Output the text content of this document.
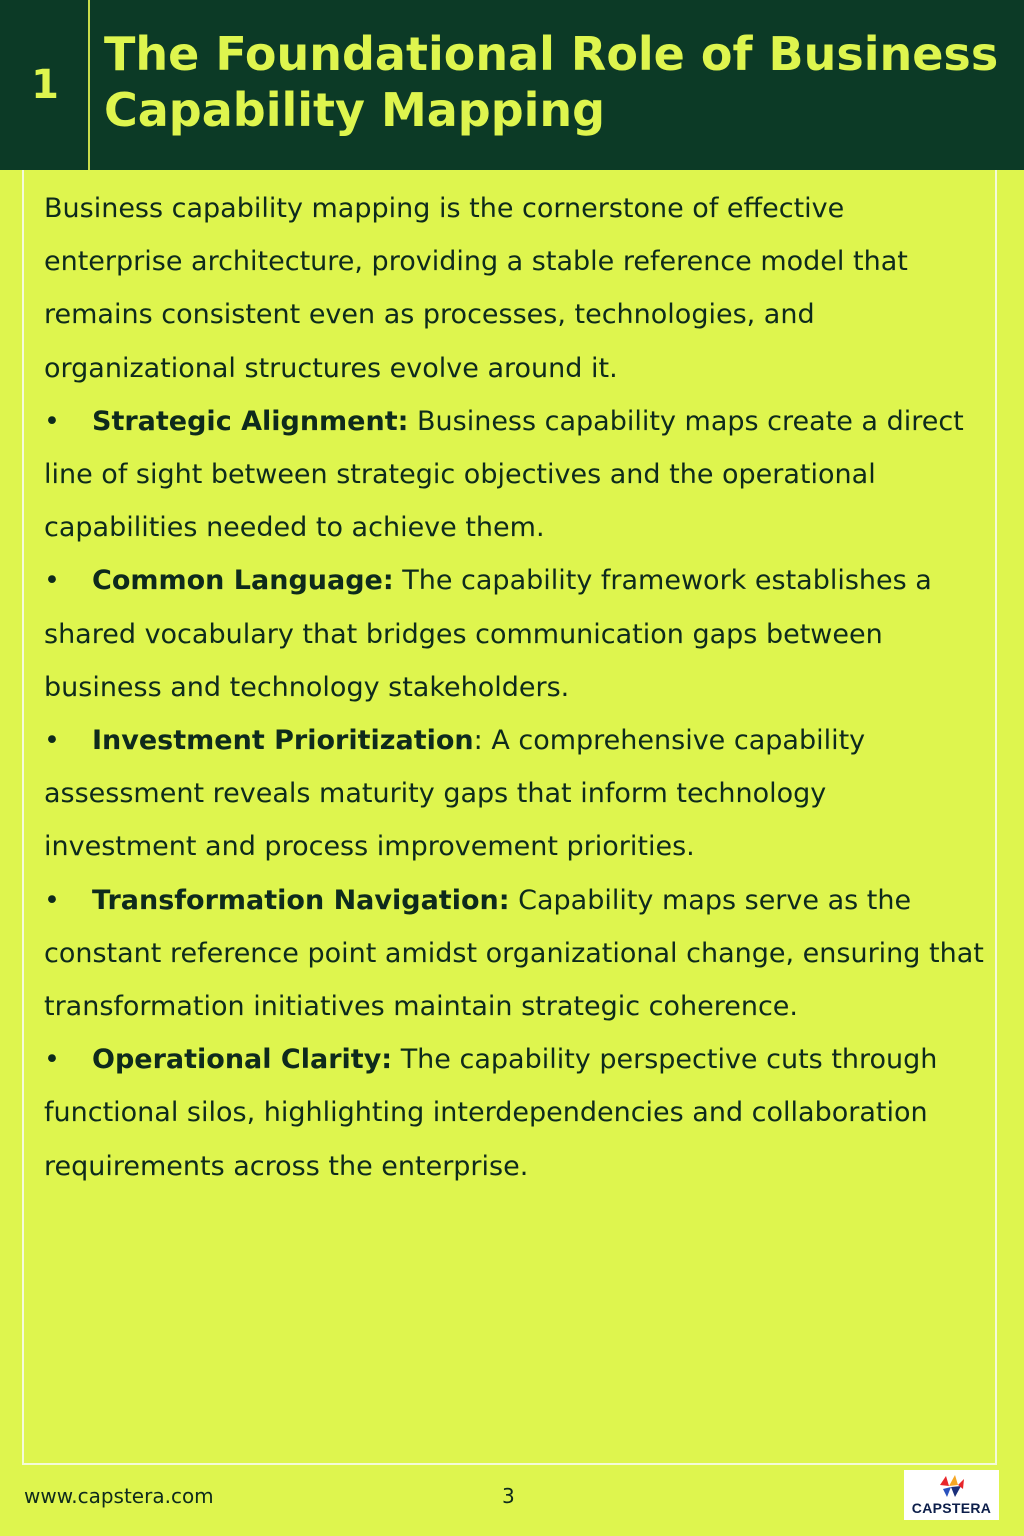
1
The Foundational Role of Business Capability Mapping

Business capability mapping is the cornerstone of effective enterprise architecture, providing a stable reference model that remains consistent even as processes, technologies, and organizational structures evolve around it.

• Strategic Alignment: Business capability maps create a direct line of sight between strategic objectives and the operational capabilities needed to achieve them.

• Common Language: The capability framework establishes a shared vocabulary that bridges communication gaps between business and technology stakeholders.

• Investment Prioritization: A comprehensive capability assessment reveals maturity gaps that inform technology investment and process improvement priorities.

• Transformation Navigation: Capability maps serve as the constant reference point amidst organizational change, ensuring that transformation initiatives maintain strategic coherence.

• Operational Clarity: The capability perspective cuts through functional silos, highlighting interdependencies and collaboration requirements across the enterprise.

www.capstera.com	3	CAPSTERA
